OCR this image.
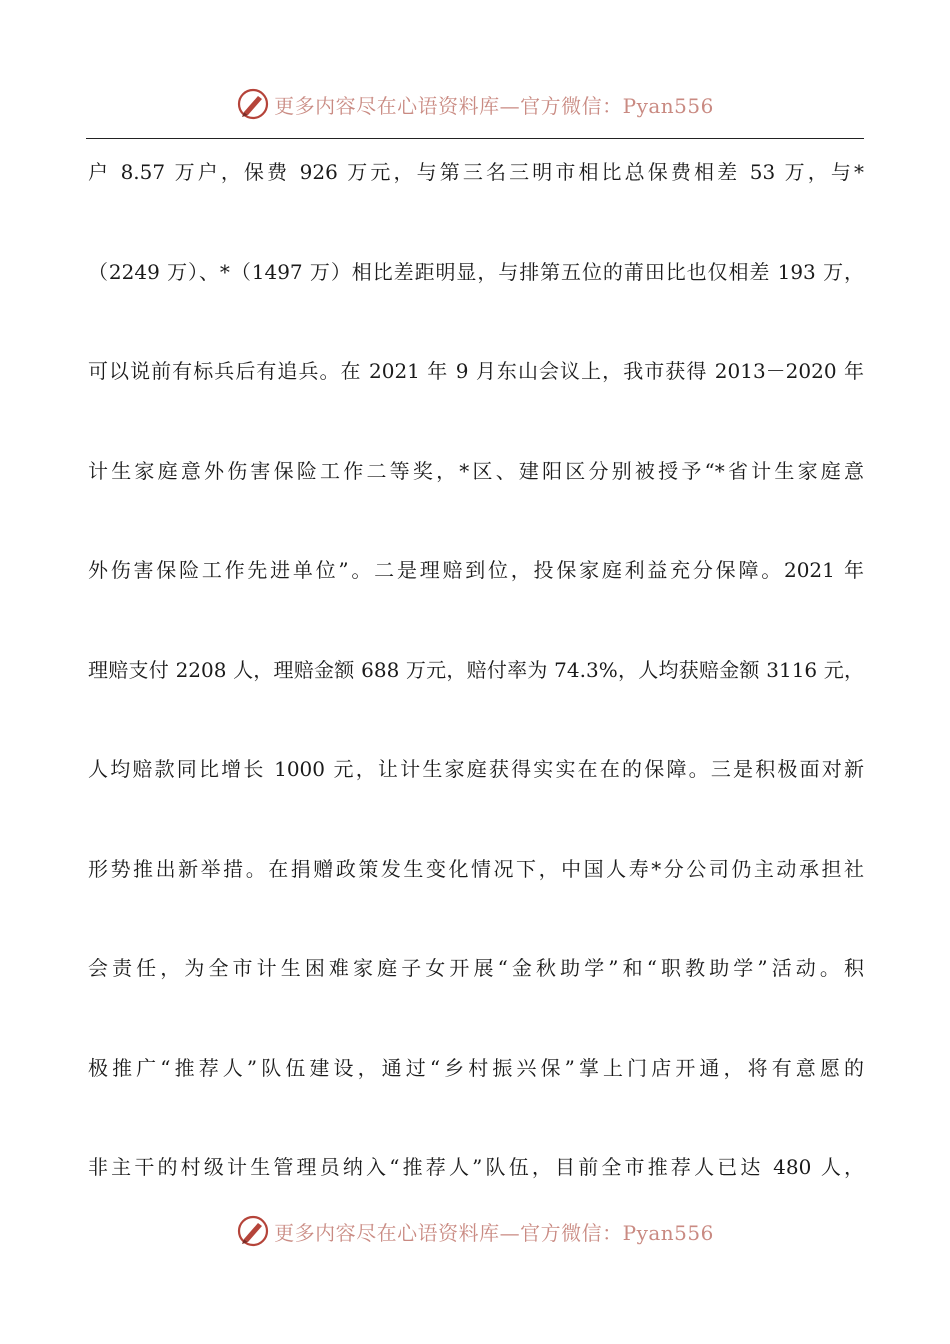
更多内容尽在心语资料库—官方微信：Pyan556
户 8.57 万户，保费 926 万元，与第三名三明市相比总保费相差 53 万，与*
（2249 万）、*（1497 万）相比差距明显，与排第五位的莆田比也仅相差 193 万，
可以说前有标兵后有追兵。在 2021 年 9 月东山会议上，我市获得 2013－2020 年
计生家庭意外伤害保险工作二等奖，*区、建阳区分别被授予“*省计生家庭意
外伤害保险工作先进单位”。二是理赔到位，投保家庭利益充分保障。2021 年
理赔支付 2208 人，理赔金额 688 万元，赔付率为 74.3%，人均获赔金额 3116 元，
人均赔款同比增长 1000 元，让计生家庭获得实实在在的保障。三是积极面对新
形势推出新举措。在捐赠政策发生变化情况下，中国人寿*分公司仍主动承担社
会责任，为全市计生困难家庭子女开展“金秋助学”和“职教助学”活动。积
极推广“推荐人”队伍建设，通过“乡村振兴保”掌上门店开通，将有意愿的
非主干的村级计生管理员纳入“推荐人”队伍，目前全市推荐人已达 480 人，
更多内容尽在心语资料库—官方微信：Pyan556
